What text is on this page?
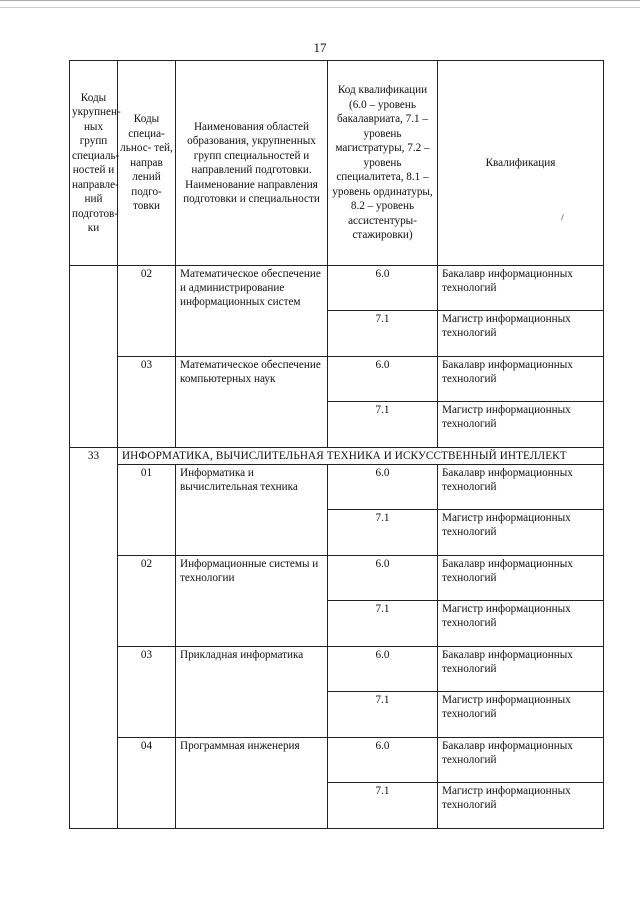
17
Коды укрупнен- ных групп специаль- ностей и направле- ний подготов- ки	Коды специа- льнос- тей, направ лений подго- товки	Наименования областей образования, укрупненных групп специальностей и направлений подготовки. Наименование направления подготовки и специальности	Код квалификации (6.0 – уровень бакалавриата, 7.1 – уровень магистратуры, 7.2 – уровень специалитета, 8.1 – уровень ординатуры, 8.2 – уровень ассистентуры-стажировки)	Квалификация
	02	Математическое обеспечение и администрирование информационных систем	6.0	Бакалавр информационных технологий
			7.1	Магистр информационных технологий
	03	Математическое обеспечение компьютерных наук	6.0	Бакалавр информационных технологий
			7.1	Магистр информационных технологий
33	ИНФОРМАТИКА, ВЫЧИСЛИТЕЛЬНАЯ ТЕХНИКА И ИСКУССТВЕННЫЙ ИНТЕЛЛЕКТ			
	01	Информатика и вычислительная техника	6.0	Бакалавр информационных технологий
			7.1	Магистр информационных технологий
	02	Информационные системы и технологии	6.0	Бакалавр информационных технологий
			7.1	Магистр информационных технологий
	03	Прикладная информатика	6.0	Бакалавр информационных технологий
			7.1	Магистр информационных технологий
	04	Программная инженерия	6.0	Бакалавр информационных технологий
			7.1	Магистр информационных технологий
